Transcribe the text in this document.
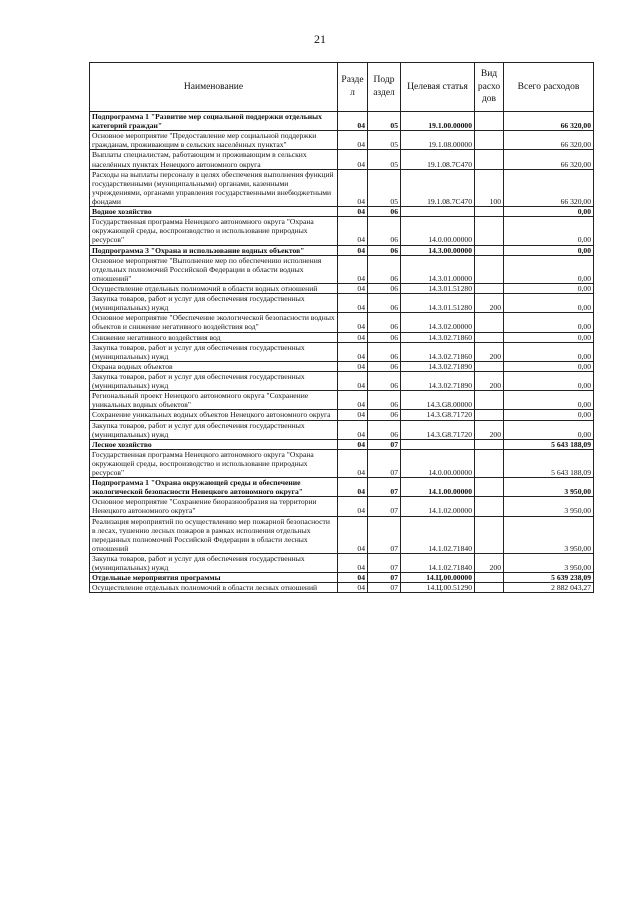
21
Наименование	Разде л	Подр аздел	Целевая статья	Вид расхо дов	Всего расходов
Подпрограмма 1 "Развитие мер социальной поддержки отдельных категорий граждан"	04	05	19.1.00.00000		66 320,00
Основное мероприятие "Предоставление мер социальной поддержки гражданам, проживающим в сельских населённых пунктах"	04	05	19.1.08.00000		66 320,00
Выплаты специалистам, работающим и проживающим в сельских населённых пунктах Ненецкого автономного округа	04	05	19.1.08.7С470		66 320,00
Расходы на выплаты персоналу в целях обеспечения выполнения функций государственными (муниципальными) органами, казенными учреждениями, органами управления государственными внебюджетными фондами	04	05	19.1.08.7С470	100	66 320,00
Водное хозяйство	04	06			0,00
Государственная программа Ненецкого автономного округа "Охрана окружающей среды, воспроизводство и использование природных ресурсов"	04	06	14.0.00.00000		0,00
Подпрограмма 3 "Охрана и использование водных объектов"	04	06	14.3.00.00000		0,00
Основное мероприятие "Выполнение мер по обеспечению исполнения отдельных полномочий Российской Федерации в области водных отношений"	04	06	14.3.01.00000		0,00
Осуществление отдельных полномочий в области водных отношений	04	06	14.3.01.51280		0,00
Закупка товаров, работ и услуг для обеспечения государственных (муниципальных) нужд	04	06	14.3.01.51280	200	0,00
Основное мероприятие "Обеспечение экологической безопасности водных объектов и снижение негативного воздействия вод"	04	06	14.3.02.00000		0,00
Снижение негативного воздействия вод	04	06	14.3.02.71860		0,00
Закупка товаров, работ и услуг для обеспечения государственных (муниципальных) нужд	04	06	14.3.02.71860	200	0,00
Охрана водных объектов	04	06	14.3.02.71890		0,00
Закупка товаров, работ и услуг для обеспечения государственных (муниципальных) нужд	04	06	14.3.02.71890	200	0,00
Региональный проект Ненецкого автономного округа "Сохранение уникальных водных объектов"	04	06	14.3.G8.00000		0,00
Сохранение уникальных водных объектов Ненецкого автономного округа	04	06	14.3.G8.71720		0,00
Закупка товаров, работ и услуг для обеспечения государственных (муниципальных) нужд	04	06	14.3.G8.71720	200	0,00
Лесное хозяйство	04	07			5 643 188,09
Государственная программа Ненецкого автономного округа "Охрана окружающей среды, воспроизводство и использование природных ресурсов"	04	07	14.0.00.00000		5 643 188,09
Подпрограмма 1 "Охрана окружающей среды и обеспечение экологической безопасности Ненецкого автономного округа"	04	07	14.1.00.00000		3 950,00
Основное мероприятие "Сохранение биоразнообразия на территории Ненецкого автономного округа"	04	07	14.1.02.00000		3 950,00
Реализация мероприятий по осуществлению мер пожарной безопасности в лесах, тушению лесных пожаров в рамках исполнения отдельных переданных полномочий Российской Федерации в области лесных отношений	04	07	14.1.02.71840		3 950,00
Закупка товаров, работ и услуг для обеспечения государственных (муниципальных) нужд	04	07	14.1.02.71840	200	3 950,00
Отдельные мероприятия программы	04	07	14.Ц.00.00000		5 639 238,09
Осуществление отдельных полномочий в области лесных отношений	04	07	14.Ц.00.51290		2 882 043,27
